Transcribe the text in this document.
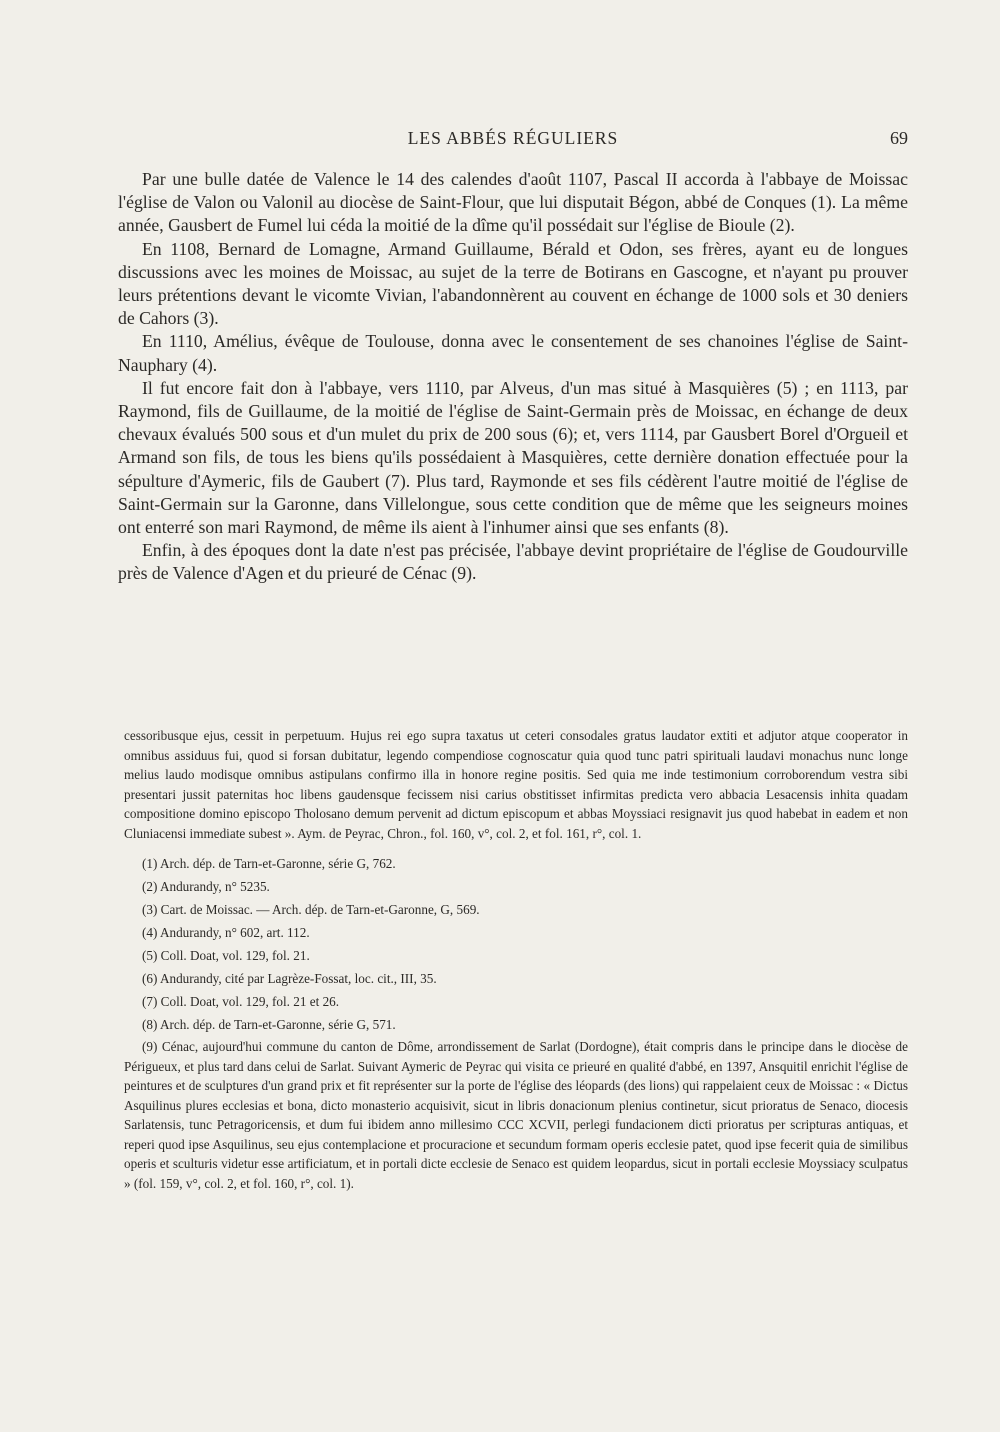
LES ABBÉS RÉGULIERS	69

Par une bulle datée de Valence le 14 des calendes d'août 1107, Pascal II accorda à l'abbaye de Moissac l'église de Valon ou Valonil au diocèse de Saint-Flour, que lui disputait Bégon, abbé de Conques (1). La même année, Gausbert de Fumel lui céda la moitié de la dîme qu'il possédait sur l'église de Bioule (2).

En 1108, Bernard de Lomagne, Armand Guillaume, Bérald et Odon, ses frères, ayant eu de longues discussions avec les moines de Moissac, au sujet de la terre de Botirans en Gascogne, et n'ayant pu prouver leurs prétentions devant le vicomte Vivian, l'abandonnèrent au couvent en échange de 1000 sols et 30 deniers de Cahors (3).

En 1110, Amélius, évêque de Toulouse, donna avec le consentement de ses chanoines l'église de Saint-Nauphary (4).

Il fut encore fait don à l'abbaye, vers 1110, par Alveus, d'un mas situé à Masquières (5) ; en 1113, par Raymond, fils de Guillaume, de la moitié de l'église de Saint-Germain près de Moissac, en échange de deux chevaux évalués 500 sous et d'un mulet du prix de 200 sous (6); et, vers 1114, par Gausbert Borel d'Orgueil et Armand son fils, de tous les biens qu'ils possédaient à Masquières, cette dernière donation effectuée pour la sépulture d'Aymeric, fils de Gaubert (7). Plus tard, Raymonde et ses fils cédèrent l'autre moitié de l'église de Saint-Germain sur la Garonne, dans Villelongue, sous cette condition que de même que les seigneurs moines ont enterré son mari Raymond, de même ils aient à l'inhumer ainsi que ses enfants (8).

Enfin, à des époques dont la date n'est pas précisée, l'abbaye devint propriétaire de l'église de Goudourville près de Valence d'Agen et du prieuré de Cénac (9).

cessoribusque ejus, cessit in perpetuum. Hujus rei ego supra taxatus ut ceteri consodales gratus laudator extiti et adjutor atque cooperator in omnibus assiduus fui, quod si forsan dubitatur, legendo compendiose cognoscatur quia quod tunc patri spirituali laudavi monachus nunc longe melius laudo modisque omnibus astipulans confirmo illa in honore regine positis. Sed quia me inde testimonium corroborendum vestra sibi presentari jussit paternitas hoc libens gaudensque fecissem nisi carius obstitisset infirmitas predicta vero abbacia Lesacensis inhita quadam compositione domino episcopo Tholosano demum pervenit ad dictum episcopum et abbas Moyssiaci resignavit jus quod habebat in eadem et non Cluniacensi immediate subest ». Aym. de Peyrac, Chron., fol. 160, v°, col. 2, et fol. 161, r°, col. 1.

(1) Arch. dép. de Tarn-et-Garonne, série G, 762.
(2) Andurandy, n° 5235.
(3) Cart. de Moissac. — Arch. dép. de Tarn-et-Garonne, G, 569.
(4) Andurandy, n° 602, art. 112.
(5) Coll. Doat, vol. 129, fol. 21.
(6) Andurandy, cité par Lagrèze-Fossat, loc. cit., III, 35.
(7) Coll. Doat, vol. 129, fol. 21 et 26.
(8) Arch. dép. de Tarn-et-Garonne, série G, 571.

(9) Cénac, aujourd'hui commune du canton de Dôme, arrondissement de Sarlat (Dordogne), était compris dans le principe dans le diocèse de Périgueux, et plus tard dans celui de Sarlat. Suivant Aymeric de Peyrac qui visita ce prieuré en qualité d'abbé, en 1397, Ansquitil enrichit l'église de peintures et de sculptures d'un grand prix et fit représenter sur la porte de l'église des léopards (des lions) qui rappelaient ceux de Moissac : « Dictus Asquilinus plures ecclesias et bona, dicto monasterio acquisivit, sicut in libris donacionum plenius continetur, sicut prioratus de Senaco, diocesis Sarlatensis, tunc Petragoricensis, et dum fui ibidem anno millesimo CCC XCVII, perlegi fundacionem dicti prioratus per scripturas antiquas, et reperi quod ipse Asquilinus, seu ejus contemplacione et procuracione et secundum formam operis ecclesie patet, quod ipse fecerit quia de similibus operis et sculturis videtur esse artificiatum, et in portali dicte ecclesie de Senaco est quidem leopardus, sicut in portali ecclesie Moyssiacy sculpatus » (fol. 159, v°, col. 2, et fol. 160, r°, col. 1).
